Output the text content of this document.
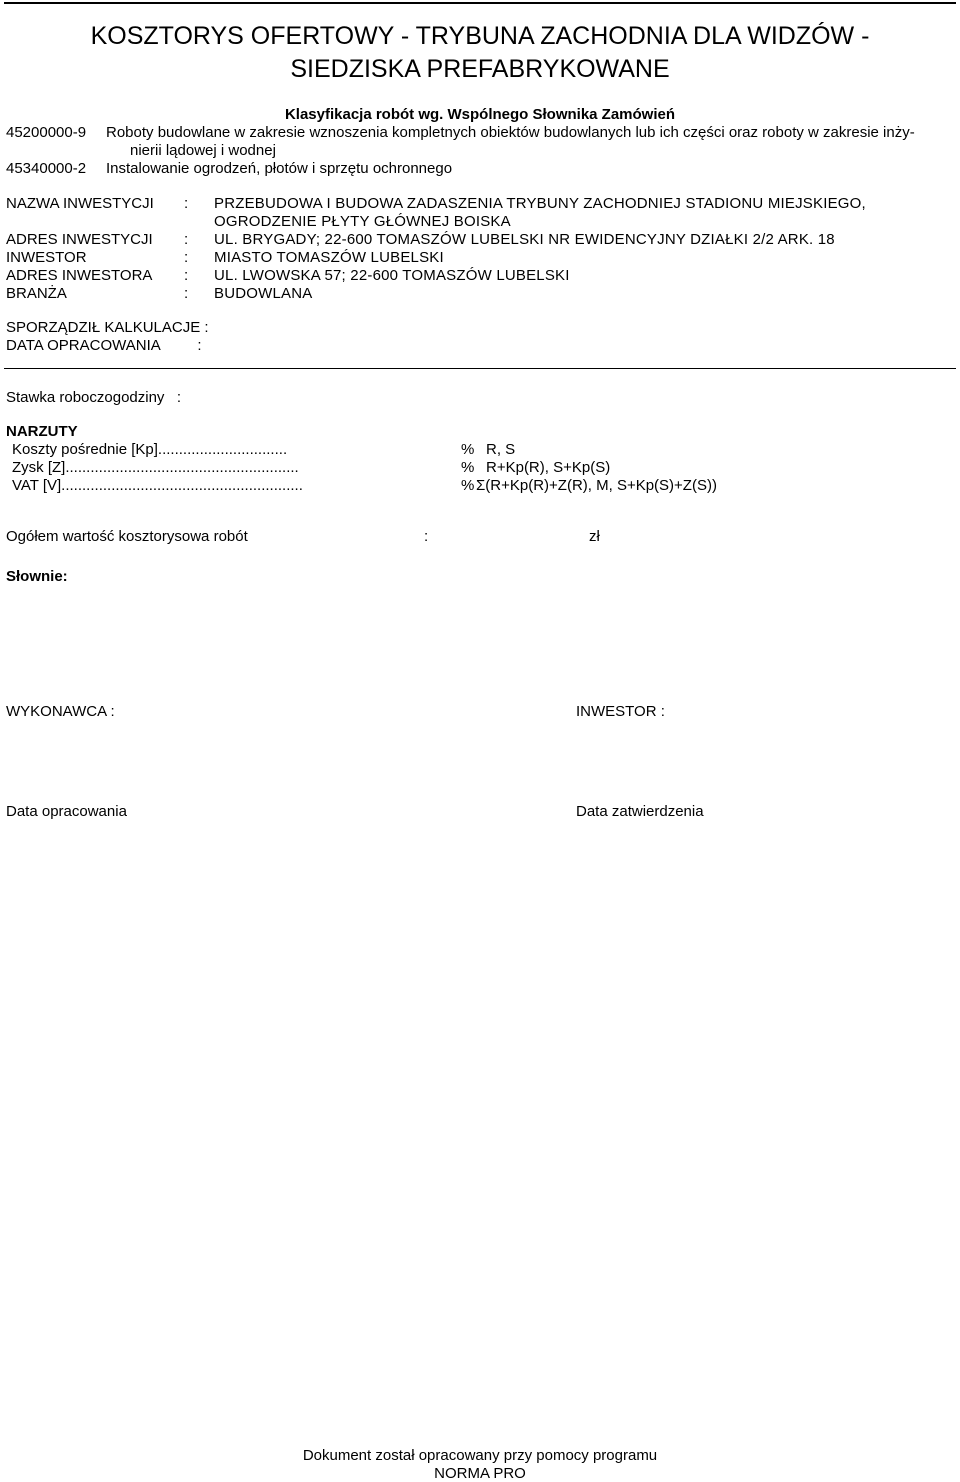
KOSZTORYS OFERTOWY - TRYBUNA ZACHODNIA DLA WIDZÓW -
SIEDZISKA PREFABRYKOWANE
Klasyfikacja robót wg. Wspólnego Słownika Zamówień
45200000-9 Roboty budowlane w zakresie wznoszenia kompletnych obiektów budowlanych lub ich części oraz roboty w zakresie inży-
nierii lądowej i wodnej
45340000-2 Instalowanie ogrodzeń, płotów i sprzętu ochronnego
NAZWA INWESTYCJI : PRZEBUDOWA I BUDOWA ZADASZENIA TRYBUNY ZACHODNIEJ STADIONU MIEJSKIEGO,
OGRODZENIE PŁYTY GŁÓWNEJ BOISKA
ADRES INWESTYCJI : UL. BRYGADY; 22-600 TOMASZÓW LUBELSKI NR EWIDENCYJNY DZIAŁKI 2/2 ARK. 18
INWESTOR	: MIASTO TOMASZÓW LUBELSKI
ADRES INWESTORA : UL. LWOWSKA 57; 22-600 TOMASZÓW LUBELSKI
BRANŻA	: BUDOWLANA
SPORZĄDZIŁ KALKULACJE :
DATA OPRACOWANIA         :
Stawka roboczogodziny   :
NARZUTY
Koszty pośrednie [Kp]...............................	% R, S
Zysk [Z]........................................................	% R+Kp(R), S+Kp(S)
VAT [V]..........................................................	% Σ(R+Kp(R)+Z(R), M, S+Kp(S)+Z(S))
Ogółem wartość kosztorysowa robót	:	zł
Słownie:
WYKONAWCA :	INWESTOR :
Data opracowania	Data zatwierdzenia
Dokument został opracowany przy pomocy programu
NORMA PRO
